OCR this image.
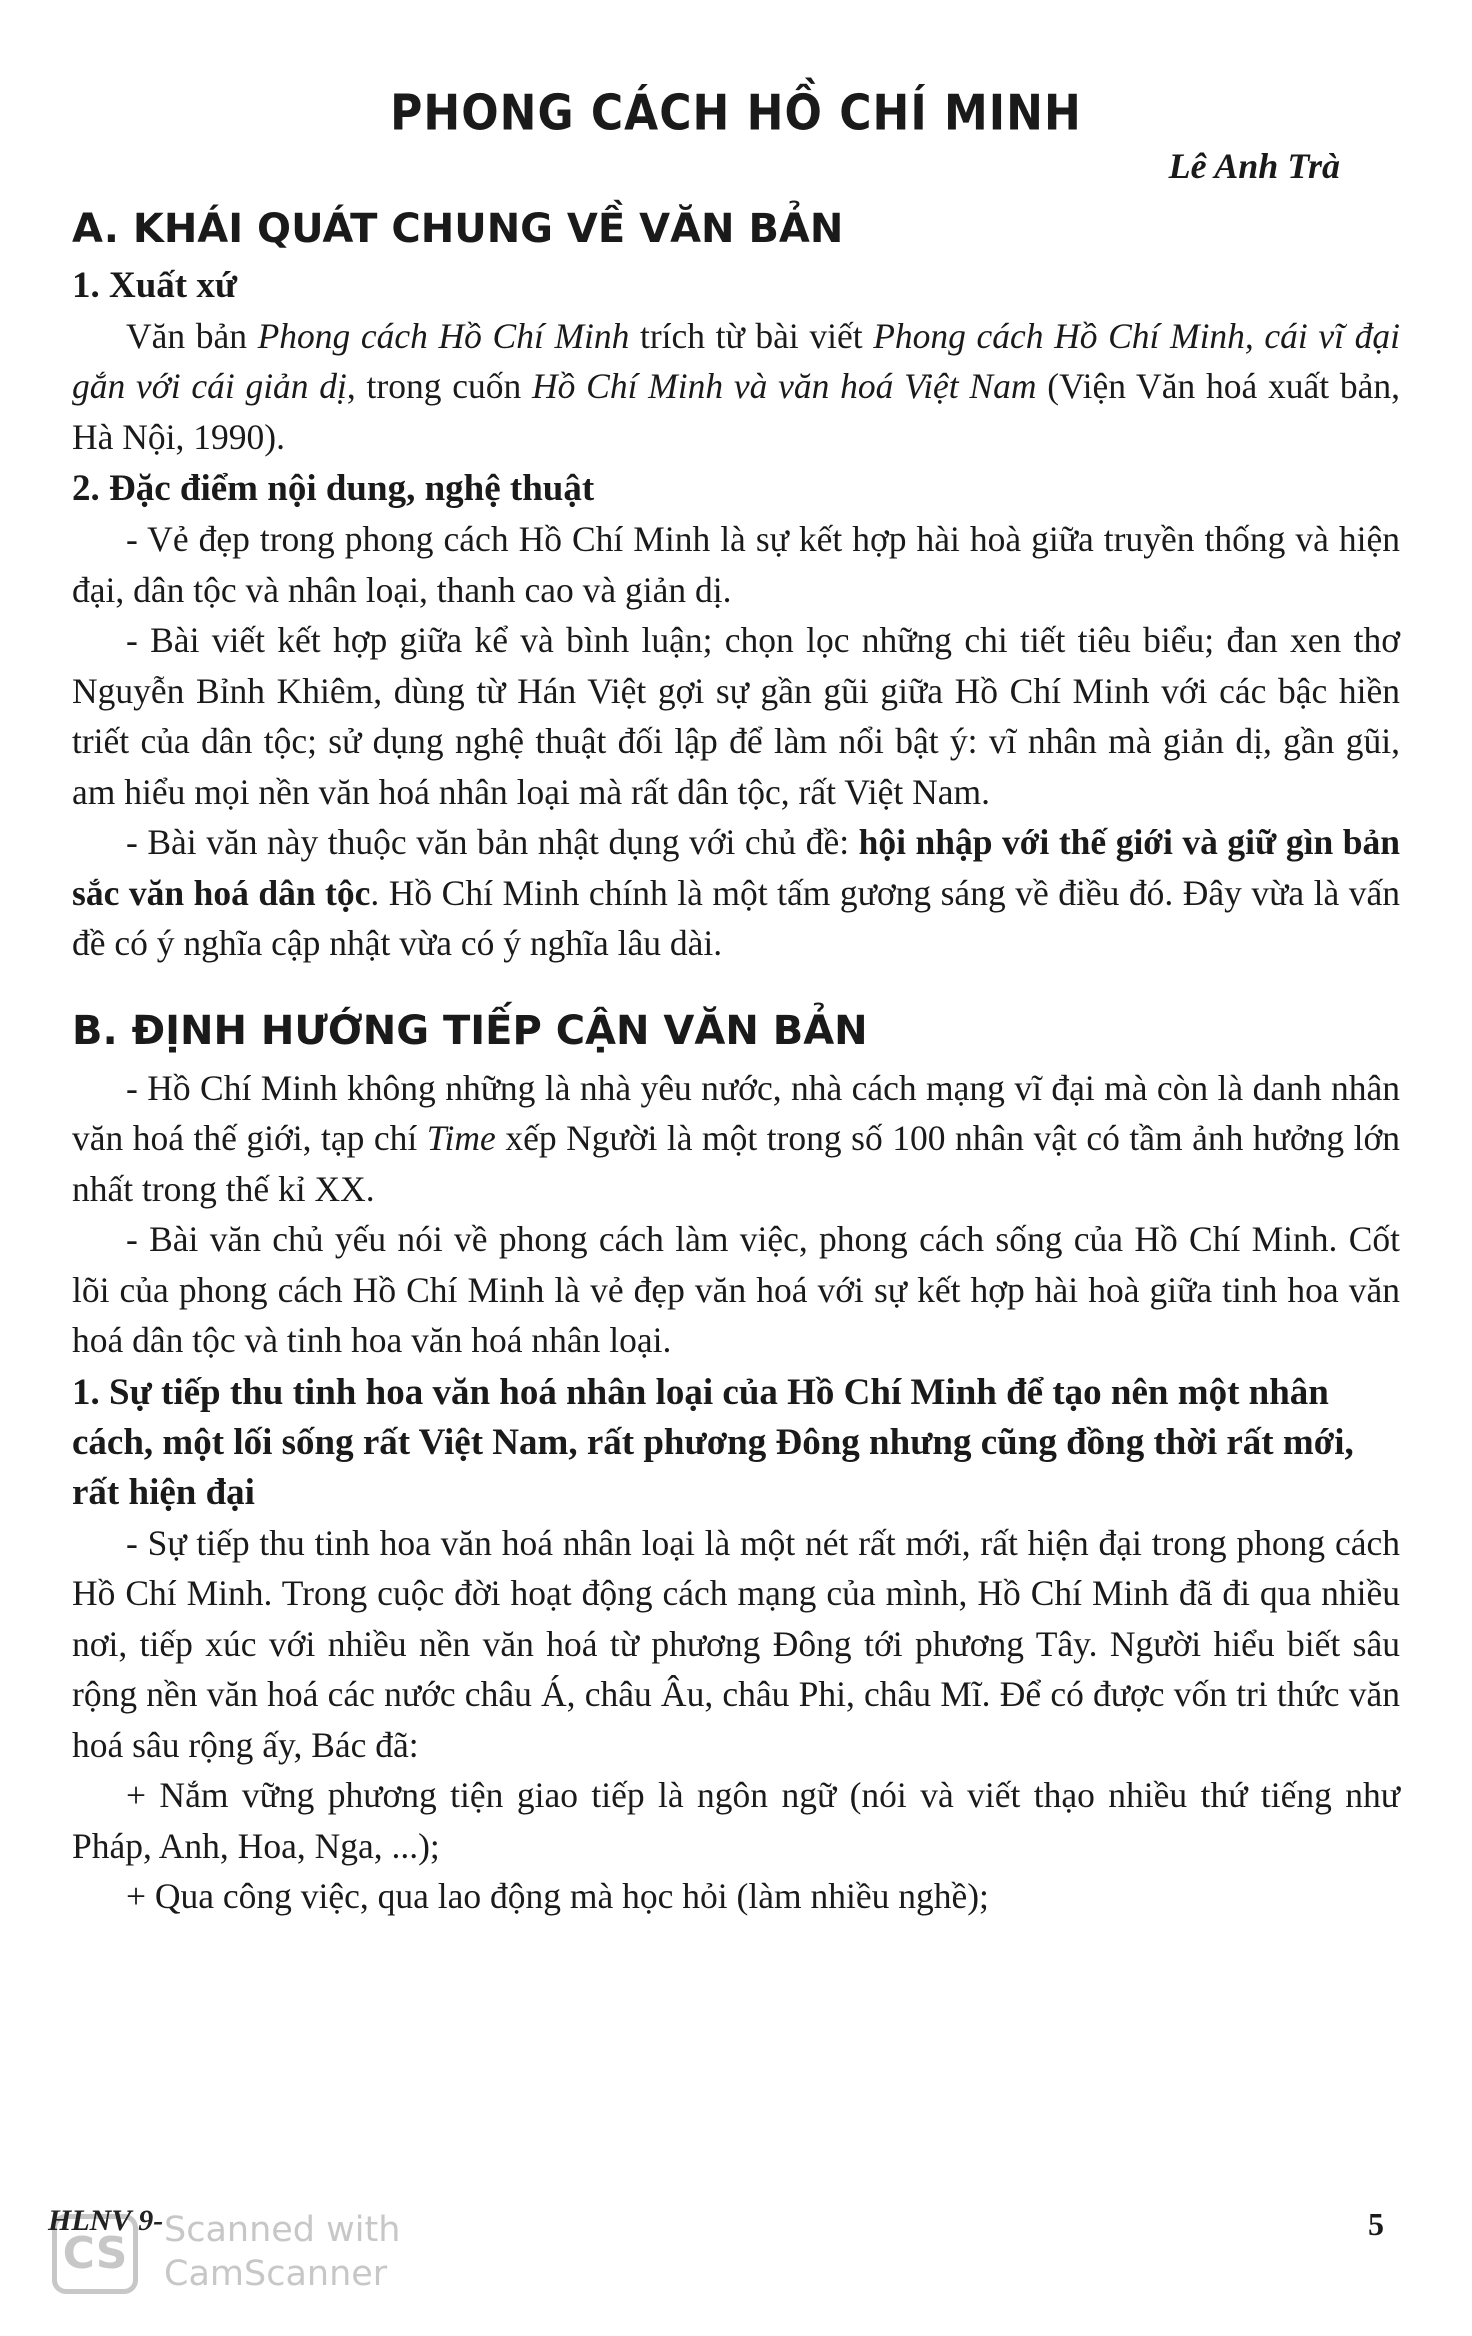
PHONG CÁCH HỒ CHÍ MINH
Lê Anh Trà
A. KHÁI QUÁT CHUNG VỀ VĂN BẢN
1. Xuất xứ

Văn bản Phong cách Hồ Chí Minh trích từ bài viết Phong cách Hồ Chí Minh, cái vĩ đại gắn với cái giản dị, trong cuốn Hồ Chí Minh và văn hoá Việt Nam (Viện Văn hoá xuất bản, Hà Nội, 1990).

2. Đặc điểm nội dung, nghệ thuật

- Vẻ đẹp trong phong cách Hồ Chí Minh là sự kết hợp hài hoà giữa truyền thống và hiện đại, dân tộc và nhân loại, thanh cao và giản dị.

- Bài viết kết hợp giữa kể và bình luận; chọn lọc những chi tiết tiêu biểu; đan xen thơ Nguyễn Bỉnh Khiêm, dùng từ Hán Việt gợi sự gần gũi giữa Hồ Chí Minh với các bậc hiền triết của dân tộc; sử dụng nghệ thuật đối lập để làm nổi bật ý: vĩ nhân mà giản dị, gần gũi, am hiểu mọi nền văn hoá nhân loại mà rất dân tộc, rất Việt Nam.

- Bài văn này thuộc văn bản nhật dụng với chủ đề: hội nhập với thế giới và giữ gìn bản sắc văn hoá dân tộc. Hồ Chí Minh chính là một tấm gương sáng về điều đó. Đây vừa là vấn đề có ý nghĩa cập nhật vừa có ý nghĩa lâu dài.

B. ĐỊNH HƯỚNG TIẾP CẬN VĂN BẢN

- Hồ Chí Minh không những là nhà yêu nước, nhà cách mạng vĩ đại mà còn là danh nhân văn hoá thế giới, tạp chí Time xếp Người là một trong số 100 nhân vật có tầm ảnh hưởng lớn nhất trong thế kỉ XX.

- Bài văn chủ yếu nói về phong cách làm việc, phong cách sống của Hồ Chí Minh. Cốt lõi của phong cách Hồ Chí Minh là vẻ đẹp văn hoá với sự kết hợp hài hoà giữa tinh hoa văn hoá dân tộc và tinh hoa văn hoá nhân loại.

1. Sự tiếp thu tinh hoa văn hoá nhân loại của Hồ Chí Minh để tạo nên một nhân cách, một lối sống rất Việt Nam, rất phương Đông nhưng cũng đồng thời rất mới, rất hiện đại

- Sự tiếp thu tinh hoa văn hoá nhân loại là một nét rất mới, rất hiện đại trong phong cách Hồ Chí Minh. Trong cuộc đời hoạt động cách mạng của mình, Hồ Chí Minh đã đi qua nhiều nơi, tiếp xúc với nhiều nền văn hoá từ phương Đông tới phương Tây. Người hiểu biết sâu rộng nền văn hoá các nước châu Á, châu Âu, châu Phi, châu Mĩ. Để có được vốn tri thức văn hoá sâu rộng ấy, Bác đã:

+ Nắm vững phương tiện giao tiếp là ngôn ngữ (nói và viết thạo nhiều thứ tiếng như Pháp, Anh, Hoa, Nga, ...);

+ Qua công việc, qua lao động mà học hỏi (làm nhiều nghề);

CS	Scanned with
CamScanner
HLNV 9-	5
